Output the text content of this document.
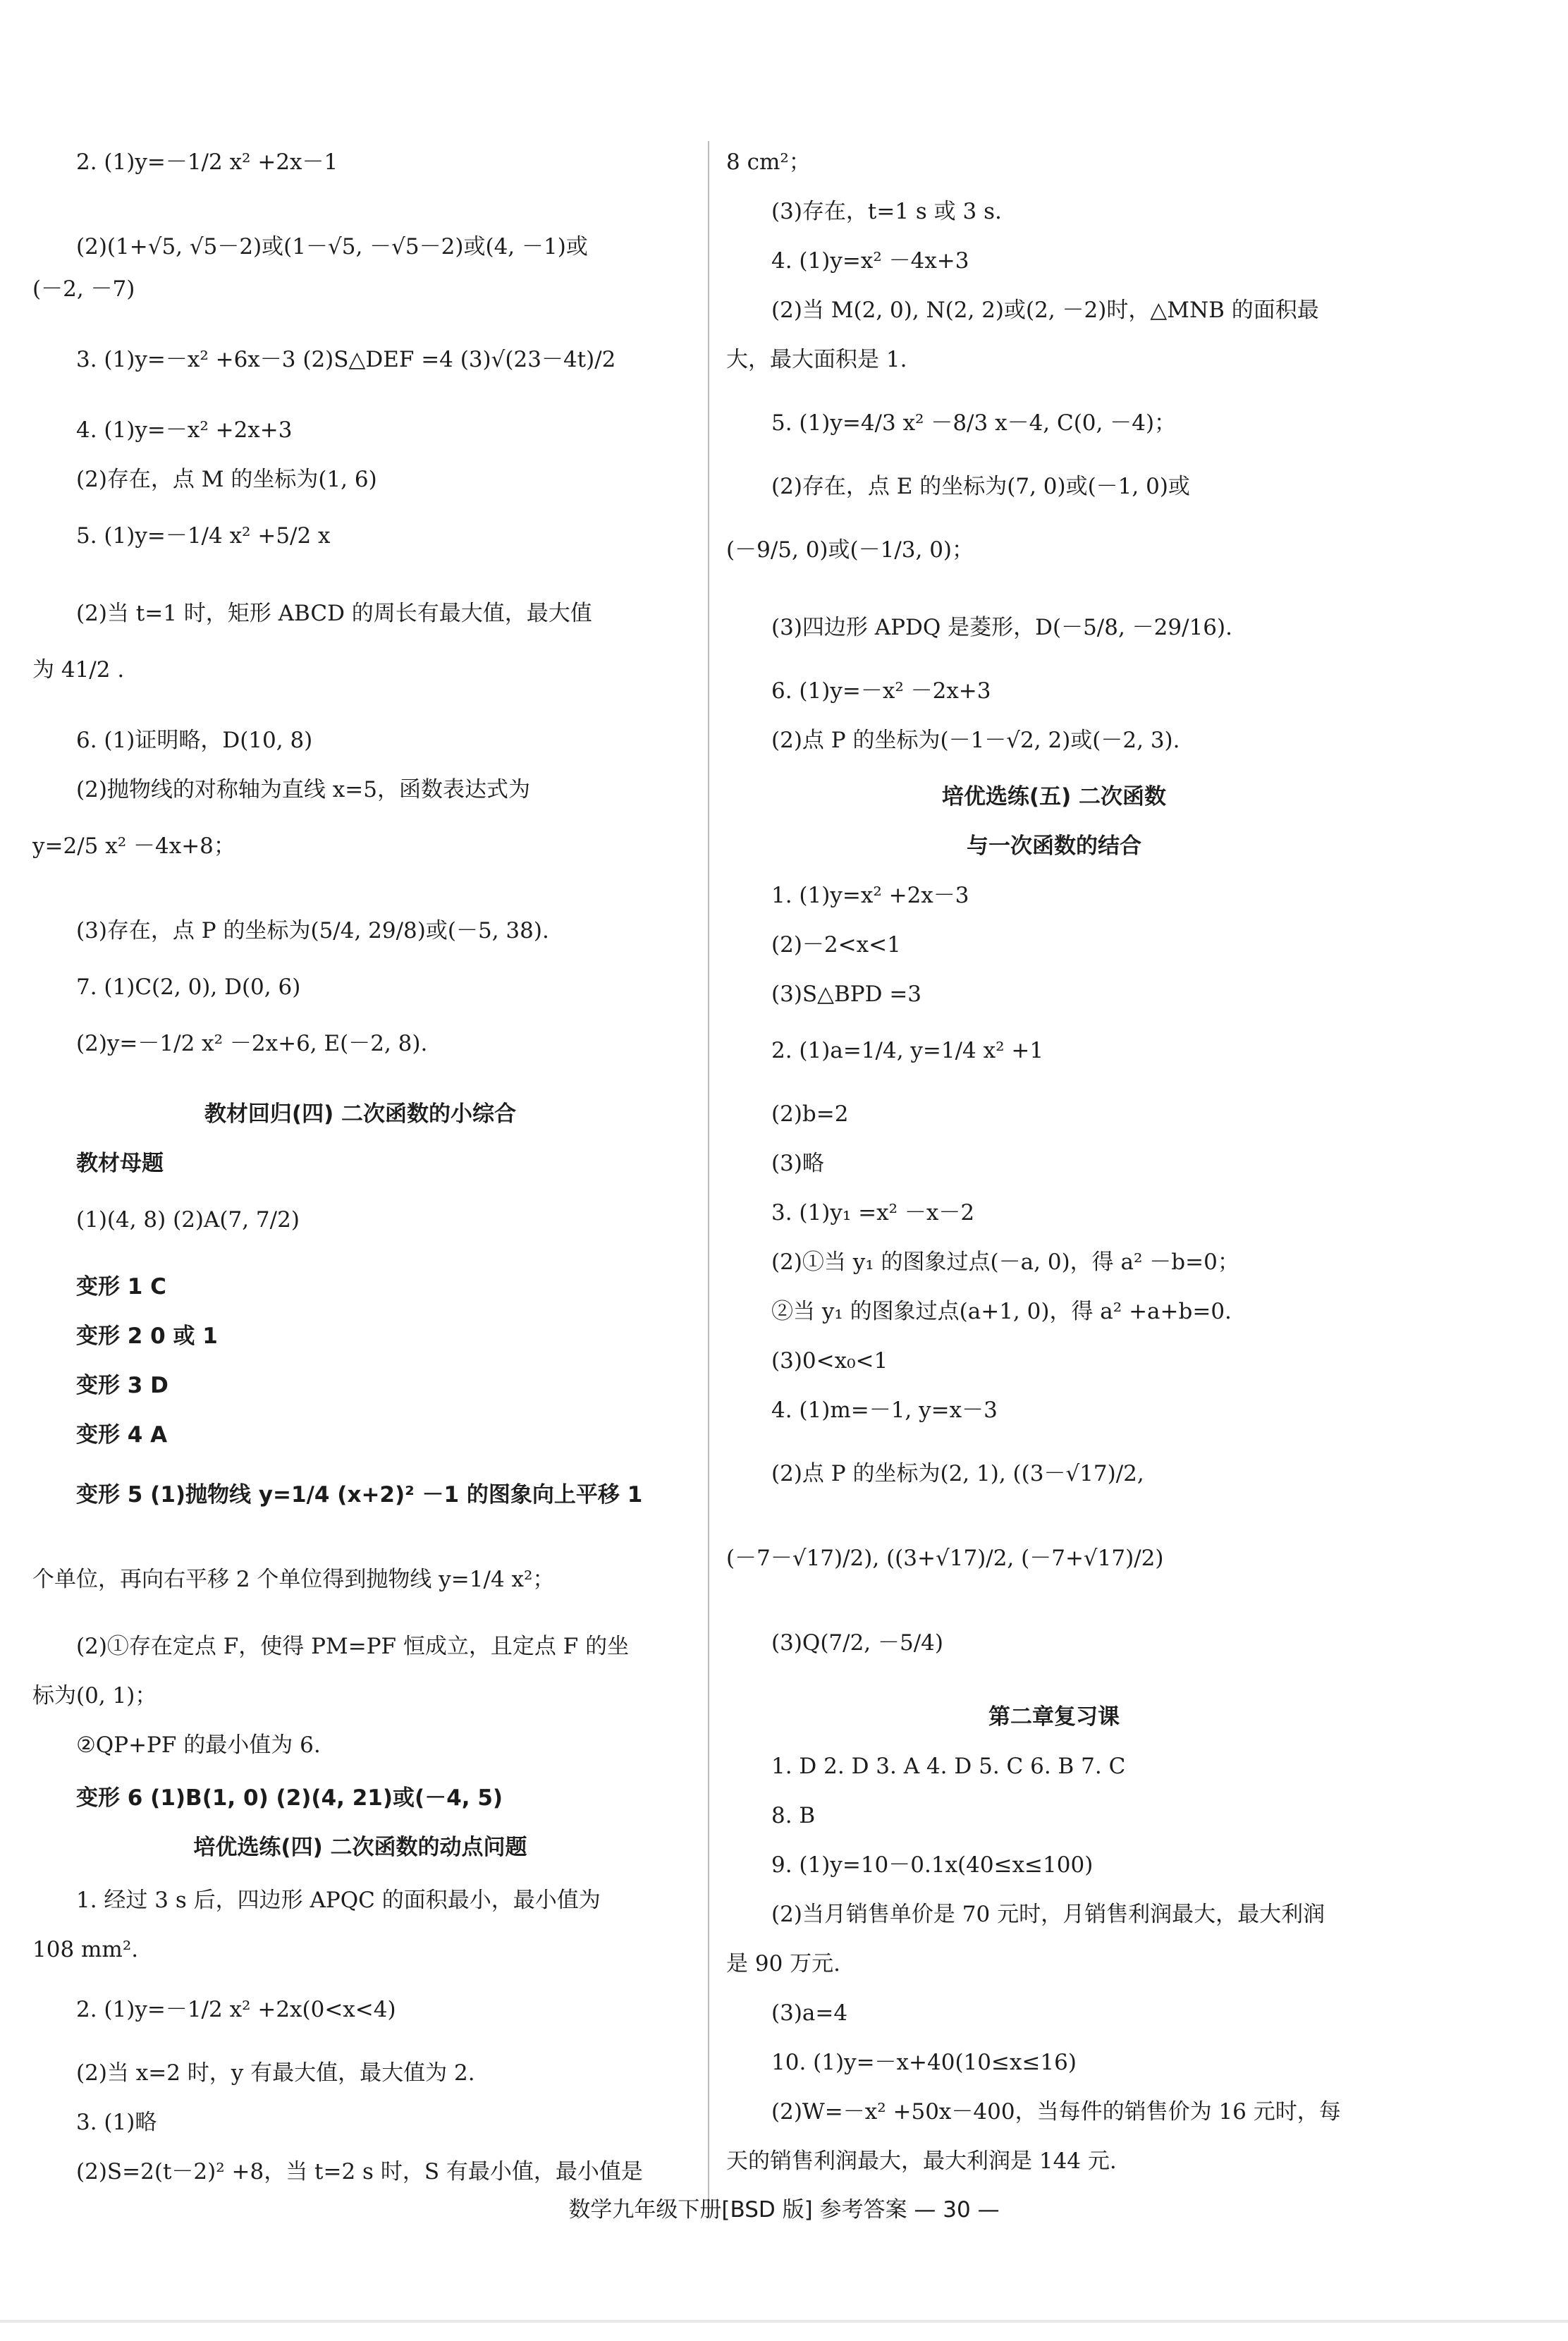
2. (1)y=－1/2 x² +2x－1
(2)(1+√5, √5－2)或(1－√5, －√5－2)或(4, －1)或
(－2, －7)
3. (1)y=－x² +6x－3 (2)S△DEF =4 (3)√(23－4t)/2
4. (1)y=－x² +2x+3
(2)存在，点 M 的坐标为(1, 6)
5. (1)y=－1/4 x² +5/2 x
(2)当 t=1 时，矩形 ABCD 的周长有最大值，最大值
为 41/2 .
6. (1)证明略，D(10, 8)
(2)抛物线的对称轴为直线 x=5，函数表达式为
y=2/5 x² －4x+8；
(3)存在，点 P 的坐标为(5/4, 29/8)或(－5, 38).
7. (1)C(2, 0), D(0, 6)
(2)y=－1/2 x² －2x+6, E(－2, 8).
教材回归(四) 二次函数的小综合
教材母题
(1)(4, 8) (2)A(7, 7/2)
变形 1 C
变形 2 0 或 1
变形 3 D
变形 4 A
变形 5 (1)抛物线 y=1/4 (x+2)² －1 的图象向上平移 1
个单位，再向右平移 2 个单位得到抛物线 y=1/4 x²；
(2)①存在定点 F，使得 PM=PF 恒成立，且定点 F 的坐
标为(0, 1)；
②QP+PF 的最小值为 6.
变形 6 (1)B(1, 0) (2)(4, 21)或(－4, 5)
培优选练(四) 二次函数的动点问题
1. 经过 3 s 后，四边形 APQC 的面积最小，最小值为
108 mm².
2. (1)y=－1/2 x² +2x(0<x<4)
(2)当 x=2 时，y 有最大值，最大值为 2.
3. (1)略
(2)S=2(t－2)² +8，当 t=2 s 时，S 有最小值，最小值是
8 cm²；
(3)存在，t=1 s 或 3 s.
4. (1)y=x² －4x+3
(2)当 M(2, 0), N(2, 2)或(2, －2)时，△MNB 的面积最
大，最大面积是 1.
5. (1)y=4/3 x² －8/3 x－4, C(0, －4)；
(2)存在，点 E 的坐标为(7, 0)或(－1, 0)或
(－9/5, 0)或(－1/3, 0)；
(3)四边形 APDQ 是菱形，D(－5/8, －29/16).
6. (1)y=－x² －2x+3
(2)点 P 的坐标为(－1－√2, 2)或(－2, 3).
培优选练(五) 二次函数
与一次函数的结合
1. (1)y=x² +2x－3
(2)－2<x<1
(3)S△BPD =3
2. (1)a=1/4, y=1/4 x² +1
(2)b=2
(3)略
3. (1)y₁ =x² －x－2
(2)①当 y₁ 的图象过点(－a, 0)，得 a² －b=0；
②当 y₁ 的图象过点(a+1, 0)，得 a² +a+b=0.
(3)0<x₀<1
4. (1)m=－1, y=x－3
(2)点 P 的坐标为(2, 1), ((3－√17)/2,
(－7－√17)/2), ((3+√17)/2, (－7+√17)/2)
(3)Q(7/2, －5/4)
第二章复习课
1. D 2. D 3. A 4. D 5. C 6. B 7. C
8. B
9. (1)y=10－0.1x(40≤x≤100)
(2)当月销售单价是 70 元时，月销售利润最大，最大利润
是 90 万元.
(3)a=4
10. (1)y=－x+40(10≤x≤16)
(2)W=－x² +50x－400，当每件的销售价为 16 元时，每
天的销售利润最大，最大利润是 144 元.
数学九年级下册[BSD 版] 参考答案 — 30 —
